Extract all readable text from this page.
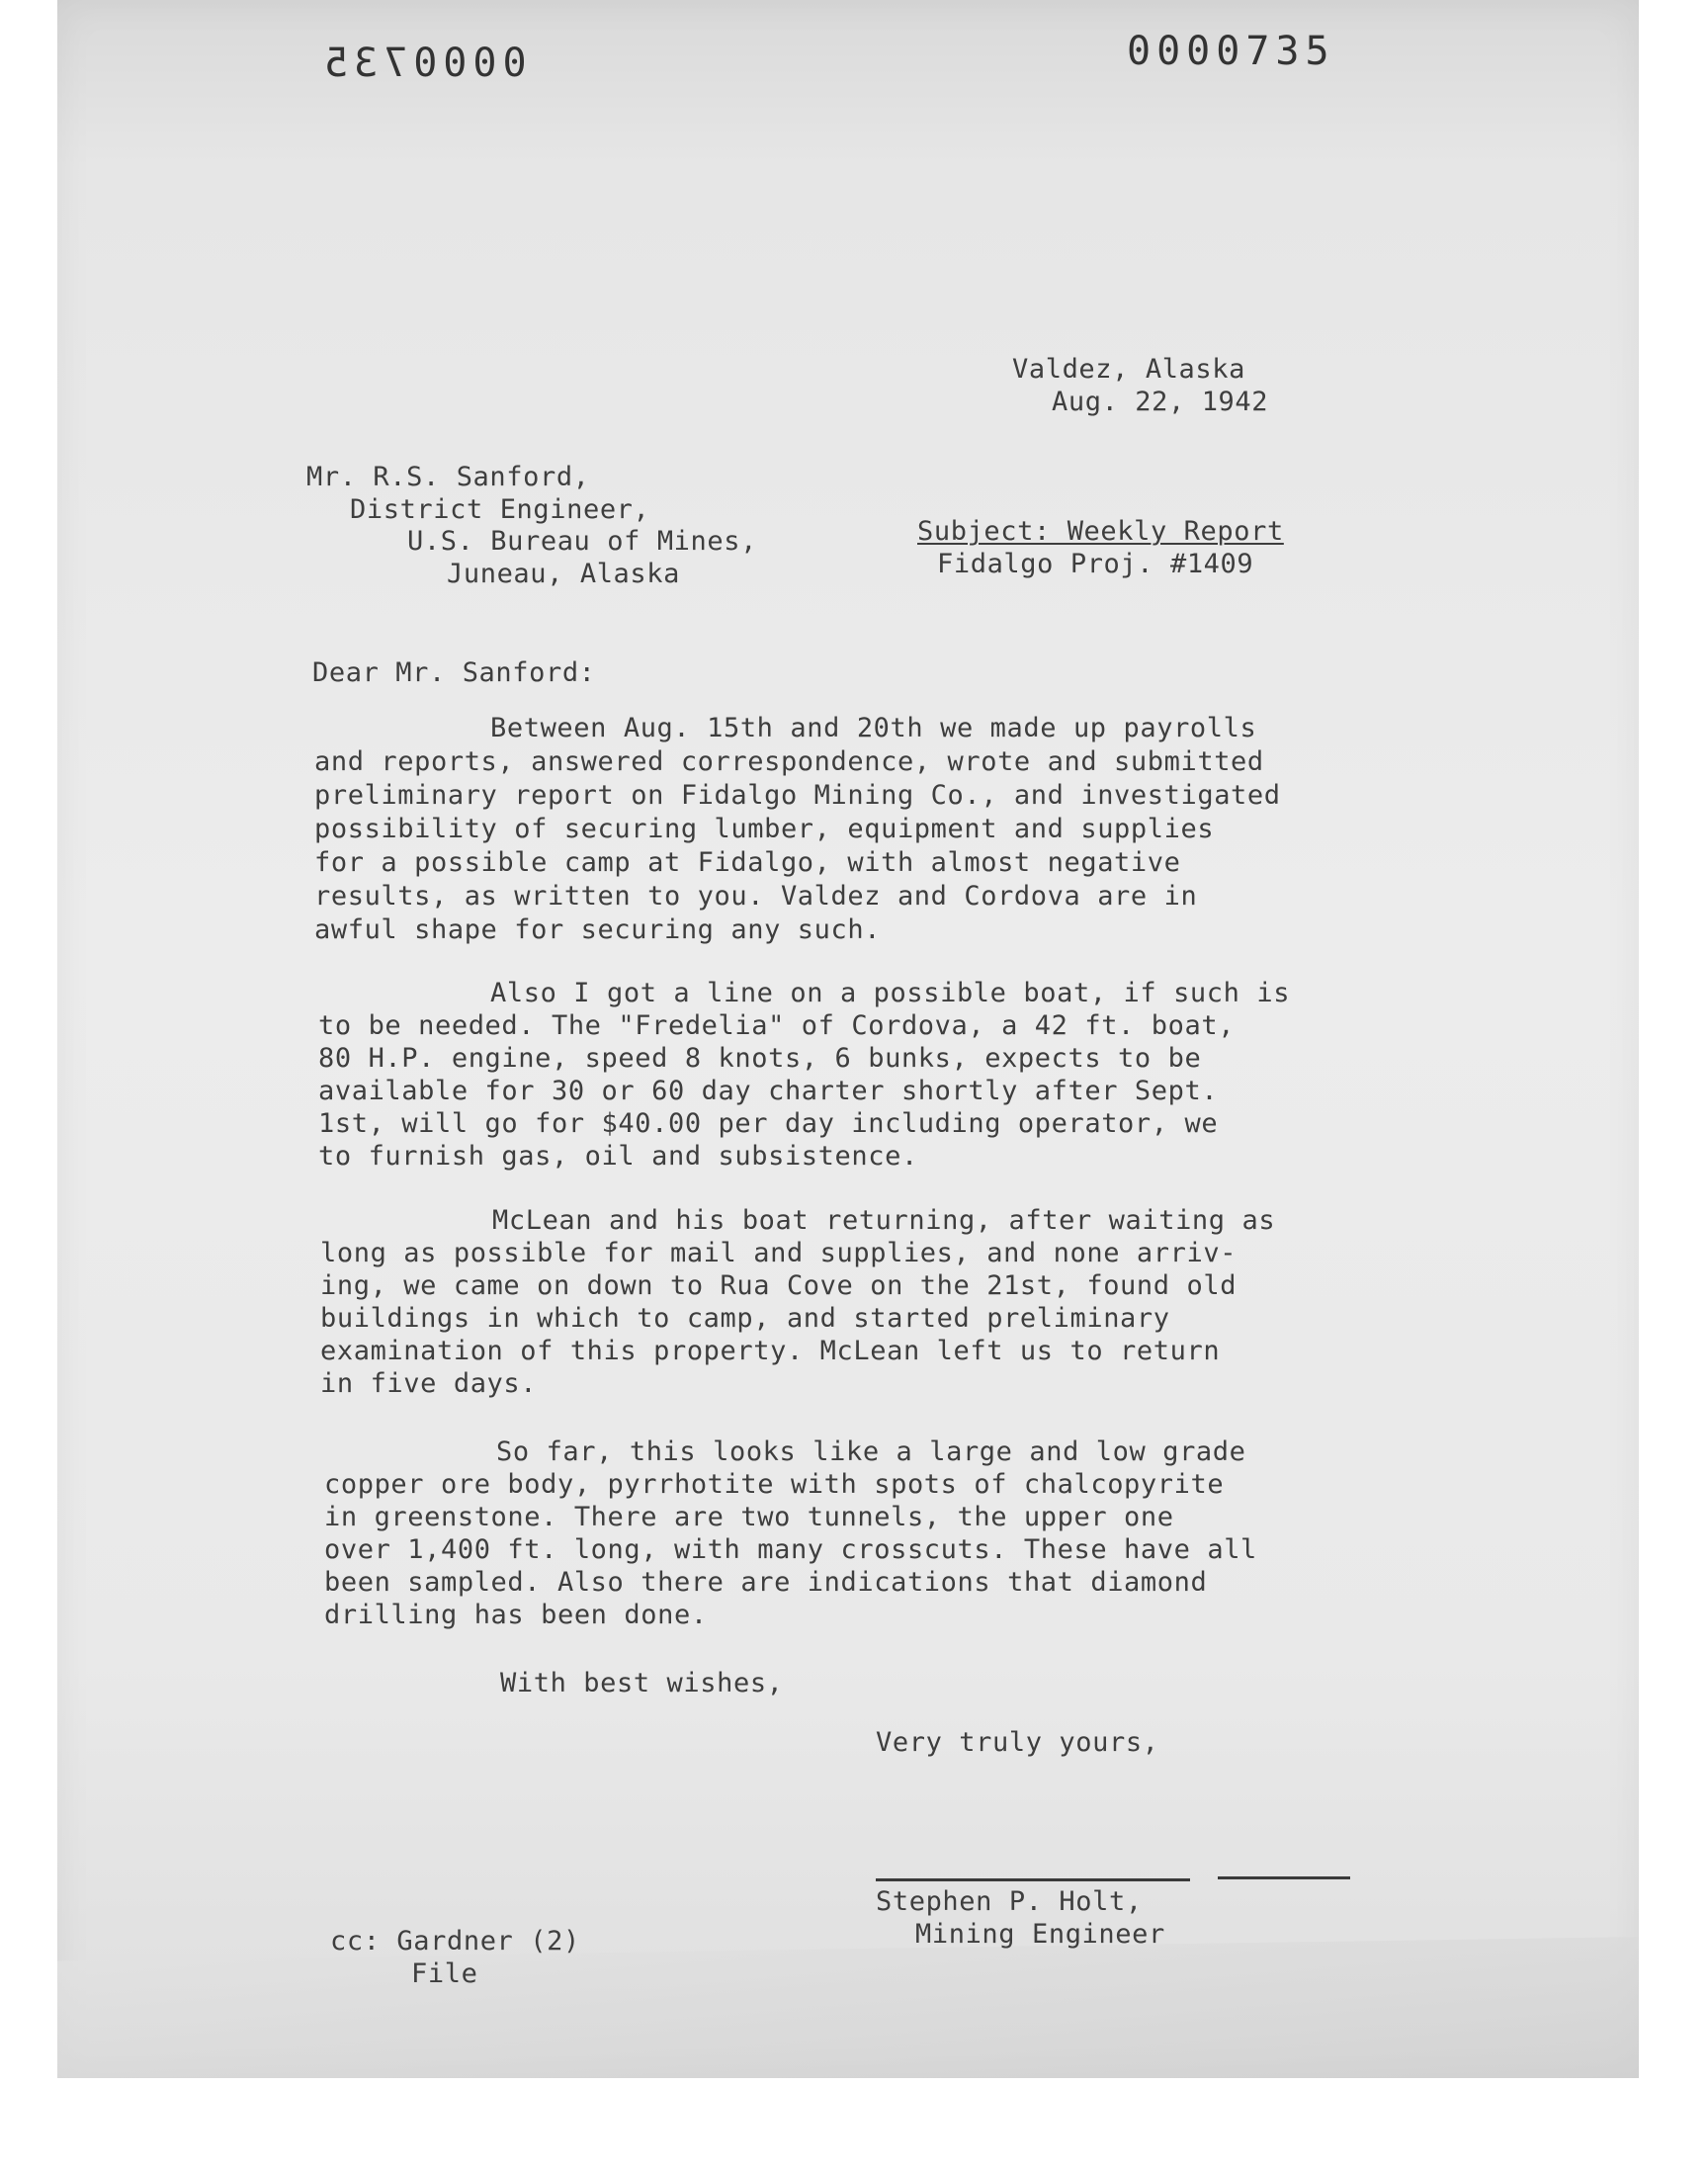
0000735	0000735
Valdez, Alaska
Aug. 22, 1942
Mr. R.S. Sanford,
District Engineer,
U.S. Bureau of Mines,
Juneau, Alaska
Subject: Weekly Report
Fidalgo Proj. #1409
Dear Mr. Sanford:
Between Aug. 15th and 20th we made up payrolls
and reports, answered correspondence, wrote and submitted
preliminary report on Fidalgo Mining Co., and investigated
possibility of securing lumber, equipment and supplies
for a possible camp at Fidalgo, with almost negative
results, as written to you. Valdez and Cordova are in
awful shape for securing any such.
Also I got a line on a possible boat, if such is
to be needed. The "Fredelia" of Cordova, a 42 ft. boat,
80 H.P. engine, speed 8 knots, 6 bunks, expects to be
available for 30 or 60 day charter shortly after Sept.
1st, will go for $40.00 per day including operator, we
to furnish gas, oil and subsistence.
McLean and his boat returning, after waiting as
long as possible for mail and supplies, and none arriv-
ing, we came on down to Rua Cove on the 21st, found old
buildings in which to camp, and started preliminary
examination of this property. McLean left us to return
in five days.
So far, this looks like a large and low grade
copper ore body, pyrrhotite with spots of chalcopyrite
in greenstone. There are two tunnels, the upper one
over 1,400 ft. long, with many crosscuts. These have all
been sampled. Also there are indications that diamond
drilling has been done.
With best wishes,
Very truly yours,
Stephen P. Holt,
Mining Engineer
cc: Gardner (2)
File
